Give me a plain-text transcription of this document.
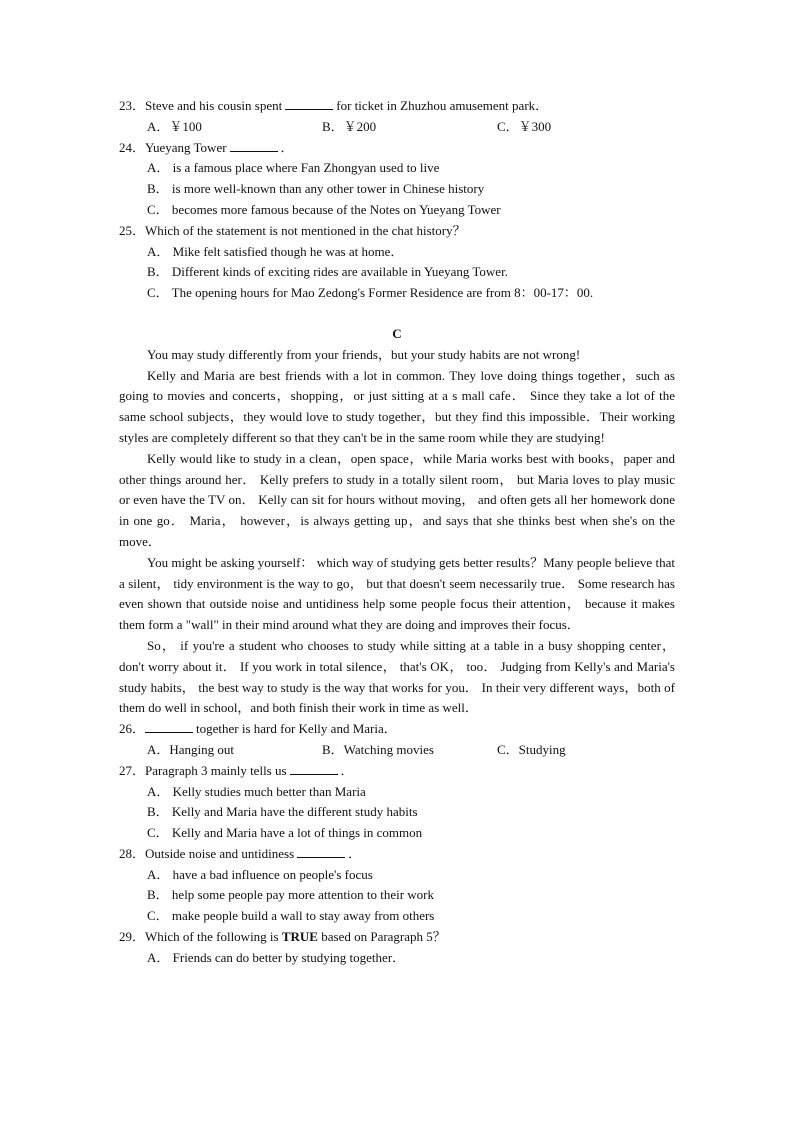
23．Steve and his cousin spent	for ticket in Zhuzhou amusement park．
A．￥100	B．￥200	C．￥300
24．Yueyang Tower	．
A． is a famous place where Fan Zhongyan used to live
B． is more well-known than any other tower in Chinese history
C． becomes more famous because of the Notes on Yueyang Tower
25．Which of the statement is not mentioned in the chat history？
A． Mike felt satisfied though he was at home．
B． Different kinds of exciting rides are available in Yueyang Tower.
C． The opening hours for Mao Zedong's Former Residence are from 8：00-17：00.
C

You may study differently from your friends，but your study habits are not wrong!

Kelly and Maria are best friends with a lot in common. They love doing things together，such as going to movies and concerts，shopping，or just sitting at a s mall cafe． Since they take a lot of the same school subjects，they would love to study together，but they find this impossible．Their working styles are completely different so that they can't be in the same room while they are studying!

Kelly would like to study in a clean，open space，while Maria works best with books，paper and other things around her． Kelly prefers to study in a totally silent room， but Maria loves to play music or even have the TV on． Kelly can sit for hours without moving， and often gets all her homework done in one go． Maria， however，is always getting up，and says that she thinks best when she's on the move．

You might be asking yourself： which way of studying gets better results？Many people believe that a silent， tidy environment is the way to go， but that doesn't seem necessarily true． Some research has even shown that outside noise and untidiness help some people focus their attention， because it makes them form a "wall" in their mind around what they are doing and improves their focus．

So， if you're a student who chooses to study while sitting at a table in a busy shopping center， don't worry about it． If you work in total silence， that's OK， too． Judging from Kelly's and Maria's study habits， the best way to study is the way that works for you． In their very different ways，both of them do well in school，and both finish their work in time as well．

26．	together is hard for Kelly and Maria．
A．Hanging out	B．Watching movies	C．Studying
27．Paragraph 3 mainly tells us	．
A． Kelly studies much better than Maria
B． Kelly and Maria have the different study habits
C． Kelly and Maria have a lot of things in common
28．Outside noise and untidiness	．
A． have a bad influence on people's focus
B． help some people pay more attention to their work
C． make people build a wall to stay away from others
29．Which of the following is TRUE based on Paragraph 5？
A． Friends can do better by studying together．
